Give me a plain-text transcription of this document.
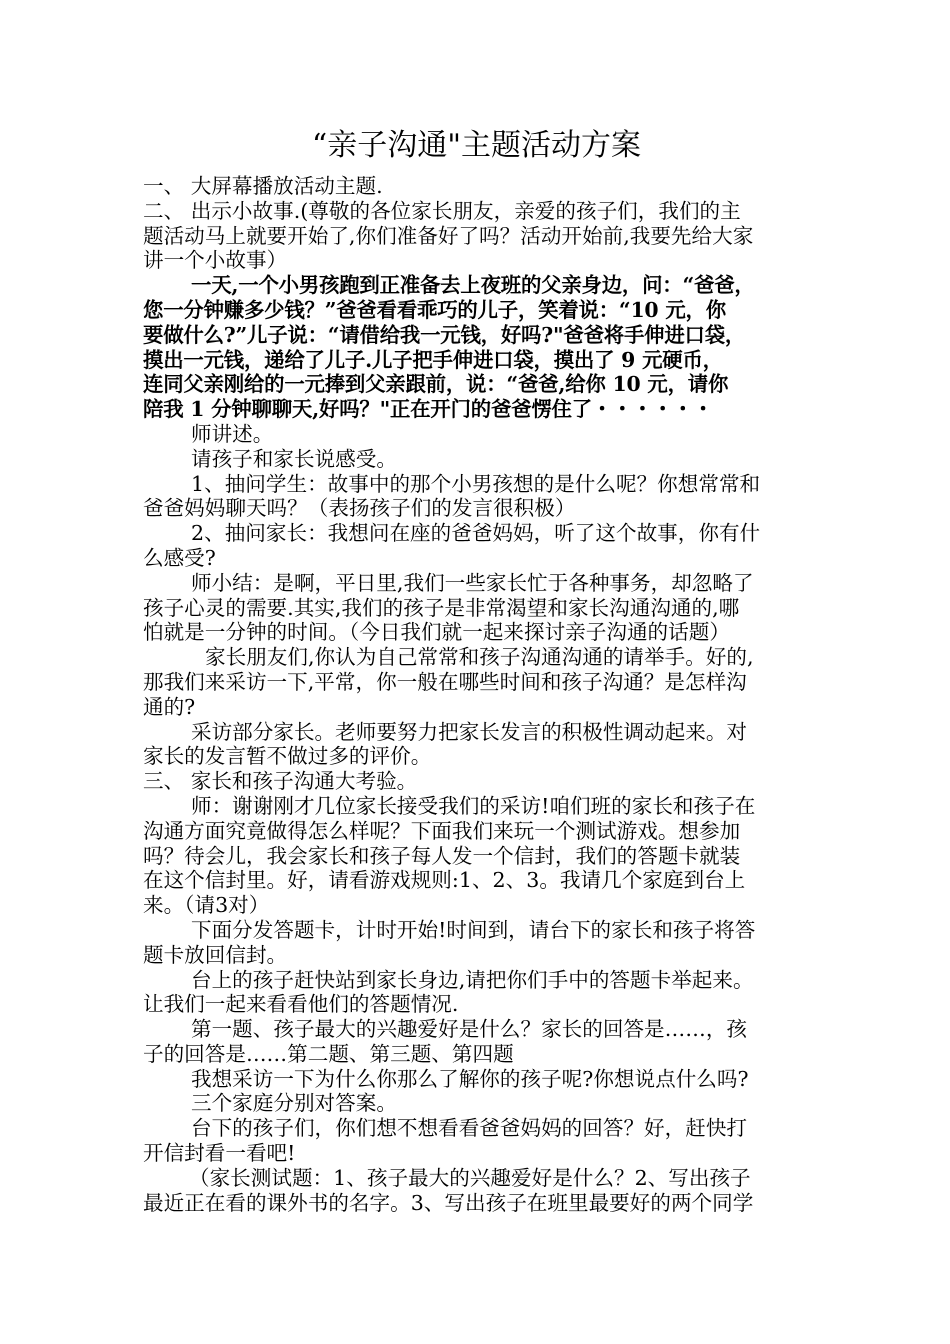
“亲子沟通"主题活动方案
一、 大屏幕播放活动主题.
二、 出示小故事.(尊敬的各位家长朋友，亲爱的孩子们，我们的主
题活动马上就要开始了,你们准备好了吗？活动开始前,我要先给大家
讲一个小故事）
一天,一个小男孩跑到正准备去上夜班的父亲身边，问：“爸爸，
您一分钟赚多少钱？”爸爸看看乖巧的儿子，笑着说：“10 元，你
要做什么?”儿子说：“请借给我一元钱，好吗?"爸爸将手伸进口袋，
摸出一元钱，递给了儿子.儿子把手伸进口袋，摸出了 9 元硬币，
连同父亲刚给的一元捧到父亲跟前，说：“爸爸,给你 10 元，请你
陪我 1 分钟聊聊天,好吗？"正在开门的爸爸愣住了・・・・・・
师讲述。
请孩子和家长说感受。
1、抽问学生：故事中的那个小男孩想的是什么呢？你想常常和
爸爸妈妈聊天吗？（表扬孩子们的发言很积极）
2、抽问家长：我想问在座的爸爸妈妈，听了这个故事，你有什
么感受?
师小结：是啊，平日里,我们一些家长忙于各种事务，却忽略了
孩子心灵的需要.其实,我们的孩子是非常渴望和家长沟通沟通的,哪
怕就是一分钟的时间。（今日我们就一起来探讨亲子沟通的话题）
家长朋友们,你认为自己常常和孩子沟通沟通的请举手。好的,
那我们来采访一下,平常，你一般在哪些时间和孩子沟通？是怎样沟
通的?
采访部分家长。老师要努力把家长发言的积极性调动起来。对
家长的发言暂不做过多的评价。
三、 家长和孩子沟通大考验。
师：谢谢刚才几位家长接受我们的采访!咱们班的家长和孩子在
沟通方面究竟做得怎么样呢？下面我们来玩一个测试游戏。想参加
吗？待会儿，我会家长和孩子每人发一个信封，我们的答题卡就装
在这个信封里。好，请看游戏规则:1、2、3。我请几个家庭到台上
来。（请3对）
下面分发答题卡，计时开始!时间到，请台下的家长和孩子将答
题卡放回信封。
台上的孩子赶快站到家长身边,请把你们手中的答题卡举起来。
让我们一起来看看他们的答题情况.
第一题、孩子最大的兴趣爱好是什么？家长的回答是……，孩
子的回答是……第二题、第三题、第四题
我想采访一下为什么你那么了解你的孩子呢?你想说点什么吗?
三个家庭分别对答案。
台下的孩子们，你们想不想看看爸爸妈妈的回答？好，赶快打
开信封看一看吧!
（家长测试题：1、孩子最大的兴趣爱好是什么？2、写出孩子
最近正在看的课外书的名字。3、写出孩子在班里最要好的两个同学
